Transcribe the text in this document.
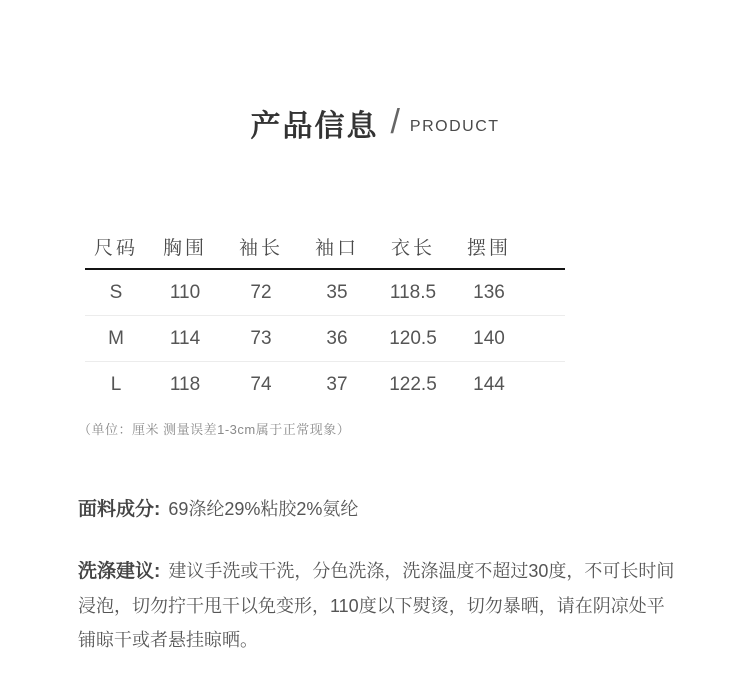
产品信息 / PRODUCT
尺码	胸围	袖长	袖口	衣长	摆围
S	110	72	35	118.5	136
M	114	73	36	120.5	140
L	118	74	37	122.5	144
（单位：厘米 测量误差1-3cm属于正常现象）
面料成分: 69涤纶29%粘胶2%氨纶
洗涤建议: 建议手洗或干洗，分色洗涤，洗涤温度不超过30度，不可长时间浸泡，切勿拧干甩干以免变形，110度以下熨烫，切勿暴晒，请在阴凉处平铺晾干或者悬挂晾晒。
